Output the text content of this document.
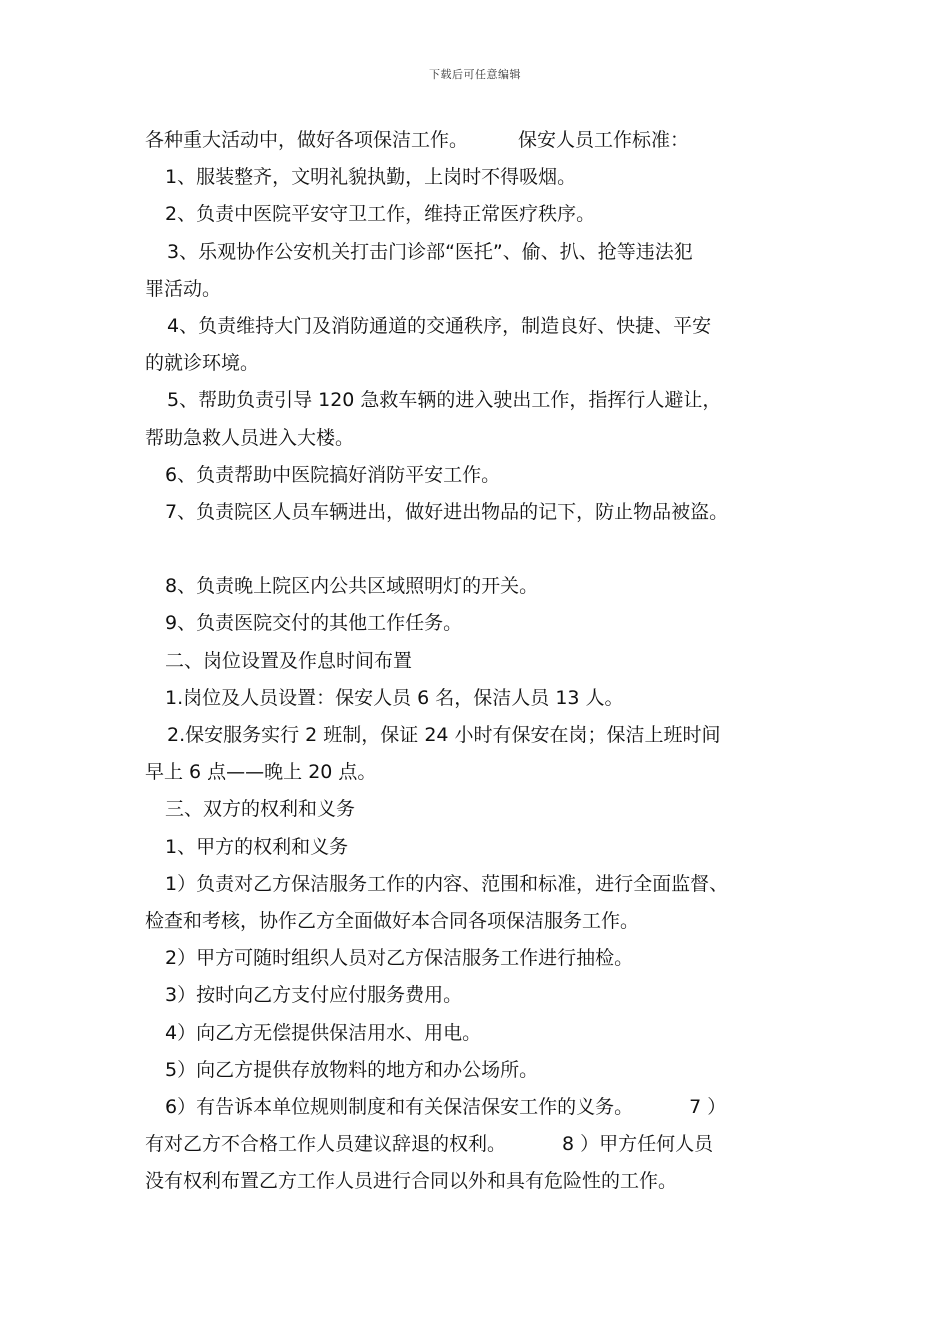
下载后可任意编辑
各种重大活动中，做好各项保洁工作。	保安人员工作标准：
1、服装整齐，文明礼貌执勤，上岗时不得吸烟。
2、负责中医院平安守卫工作，维持正常医疗秩序。
3、乐观协作公安机关打击门诊部“医托”、偷、扒、抢等违法犯
罪活动。
4、负责维持大门及消防通道的交通秩序，制造良好、快捷、平安
的就诊环境。
5、帮助负责引导 120 急救车辆的进入驶出工作，指挥行人避让，
帮助急救人员进入大楼。
6、负责帮助中医院搞好消防平安工作。
7、负责院区人员车辆进出，做好进出物品的记下，防止物品被盗。
8、负责晚上院区内公共区域照明灯的开关。
9、负责医院交付的其他工作任务。
二、岗位设置及作息时间布置
1.岗位及人员设置：保安人员 6 名，保洁人员 13 人。
2.保安服务实行 2 班制，保证 24 小时有保安在岗；保洁上班时间
早上 6 点——晚上 20 点。
三、双方的权利和义务
1、甲方的权利和义务
1）负责对乙方保洁服务工作的内容、范围和标准，进行全面监督、
检查和考核，协作乙方全面做好本合同各项保洁服务工作。
2）甲方可随时组织人员对乙方保洁服务工作进行抽检。
3）按时向乙方支付应付服务费用。
4）向乙方无偿提供保洁用水、用电。
5）向乙方提供存放物料的地方和办公场所。
6）有告诉本单位规则制度和有关保洁保安工作的义务。	7 ）
有对乙方不合格工作人员建议辞退的权利。	8 ）甲方任何人员
没有权利布置乙方工作人员进行合同以外和具有危险性的工作。
